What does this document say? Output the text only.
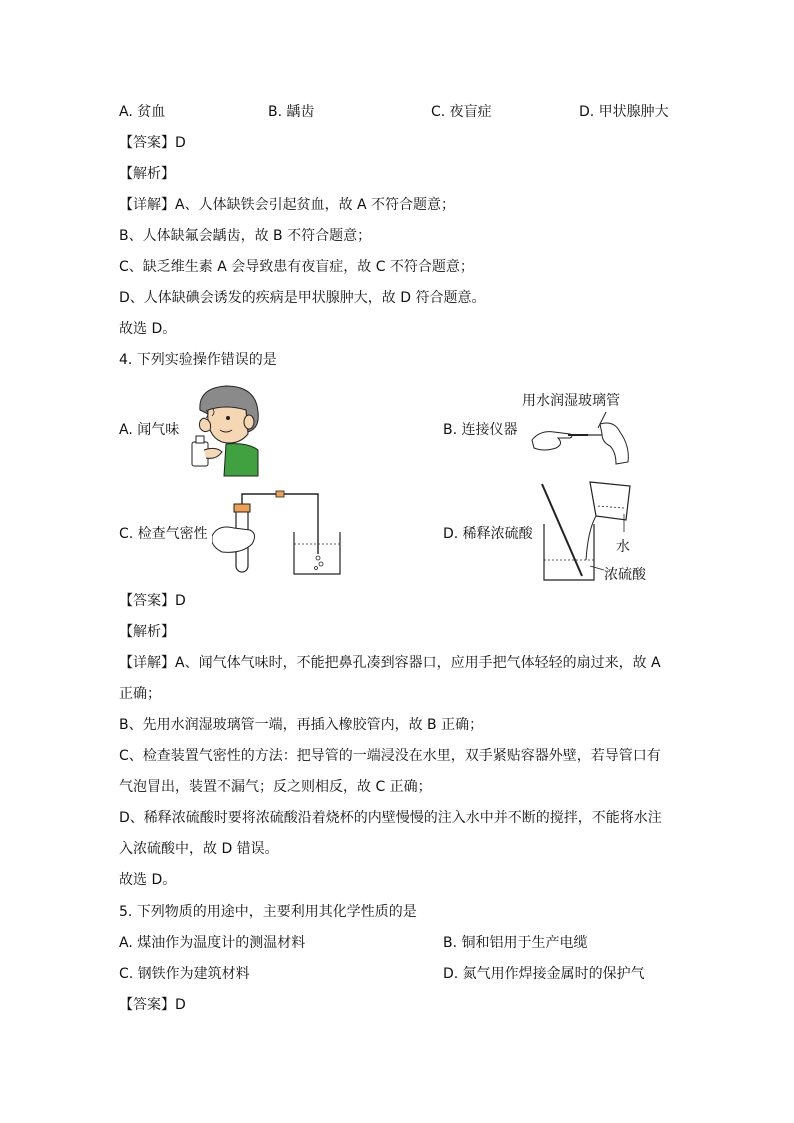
A. 贫血	B. 龋齿	C. 夜盲症	D. 甲状腺肿大
【答案】D
【解析】
【详解】A、人体缺铁会引起贫血，故 A 不符合题意；
B、人体缺氟会龋齿，故 B 不符合题意；
C、缺乏维生素 A 会导致患有夜盲症，故 C 不符合题意；
D、人体缺碘会诱发的疾病是甲状腺肿大，故 D 符合题意。
故选 D。
4. 下列实验操作错误的是
A. 闻气味	B. 连接仪器
C. 检查气密性	D. 稀释浓硫酸
用水润湿玻璃管
水
浓硫酸
【答案】D
【解析】
【详解】A、闻气体气味时，不能把鼻孔凑到容器口，应用手把气体轻轻的扇过来，故 A
正确；
B、先用水润湿玻璃管一端，再插入橡胶管内，故 B 正确；
C、检查装置气密性的方法：把导管的一端浸没在水里，双手紧贴容器外壁，若导管口有
气泡冒出，装置不漏气；反之则相反，故 C 正确；
D、稀释浓硫酸时要将浓硫酸沿着烧杯的内壁慢慢的注入水中并不断的搅拌，不能将水注
入浓硫酸中，故 D 错误。
故选 D。
5. 下列物质的用途中，主要利用其化学性质的是
A. 煤油作为温度计的测温材料	B. 铜和铝用于生产电缆
C. 钢铁作为建筑材料	D. 氮气用作焊接金属时的保护气
【答案】D
